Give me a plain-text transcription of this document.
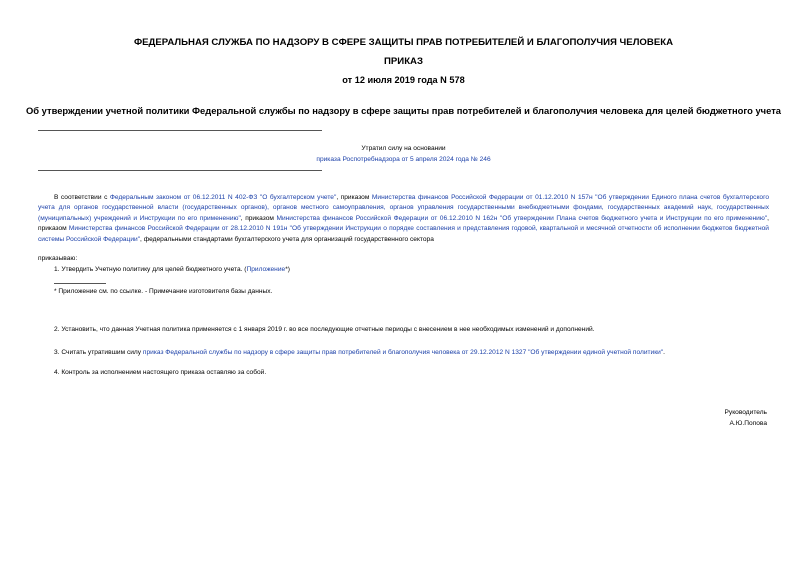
ФЕДЕРАЛЬНАЯ СЛУЖБА ПО НАДЗОРУ В СФЕРЕ ЗАЩИТЫ ПРАВ ПОТРЕБИТЕЛЕЙ И БЛАГОПОЛУЧИЯ ЧЕЛОВЕКА
ПРИКАЗ
от 12 июля 2019 года N 578
Об утверждении учетной политики Федеральной службы по надзору в сфере защиты прав потребителей и благополучия человека для целей бюджетного учета
Утратил силу на основании
приказа Роспотребнадзора от 5 апреля 2024 года № 246
В соответствии с Федеральным законом от 06.12.2011 N 402-ФЗ "О бухгалтерском учете", приказом Министерства финансов Российской Федерации от 01.12.2010 N 157н "Об утверждении Единого плана счетов бухгалтерского учета для органов государственной власти (государственных органов), органов местного самоуправления, органов управления государственными внебюджетными фондами, государственных академий наук, государственных (муниципальных) учреждений и Инструкции по его применению", приказом Министерства финансов Российской Федерации от 06.12.2010 N 162н "Об утверждении Плана счетов бюджетного учета и Инструкции по его применению", приказом Министерства финансов Российской Федерации от 28.12.2010 N 191н "Об утверждении Инструкции о порядке составления и представления годовой, квартальной и месячной отчетности об исполнении бюджетов бюджетной системы Российской Федерации", федеральными стандартами бухгалтерского учета для организаций государственного сектора
приказываю:
1. Утвердить Учетную политику для целей бюджетного учета. (Приложение*)
* Приложение см. по ссылке. - Примечание изготовителя базы данных.
2. Установить, что данная Учетная политика применяется с 1 января 2019 г. во все последующие отчетные периоды с внесением в нее необходимых изменений и дополнений.
3. Считать утратившим силу приказ Федеральной службы по надзору в сфере защиты прав потребителей и благополучия человека от 29.12.2012 N 1327 "Об утверждении единой учетной политики".
4. Контроль за исполнением настоящего приказа оставляю за собой.
Руководитель
А.Ю.Попова
